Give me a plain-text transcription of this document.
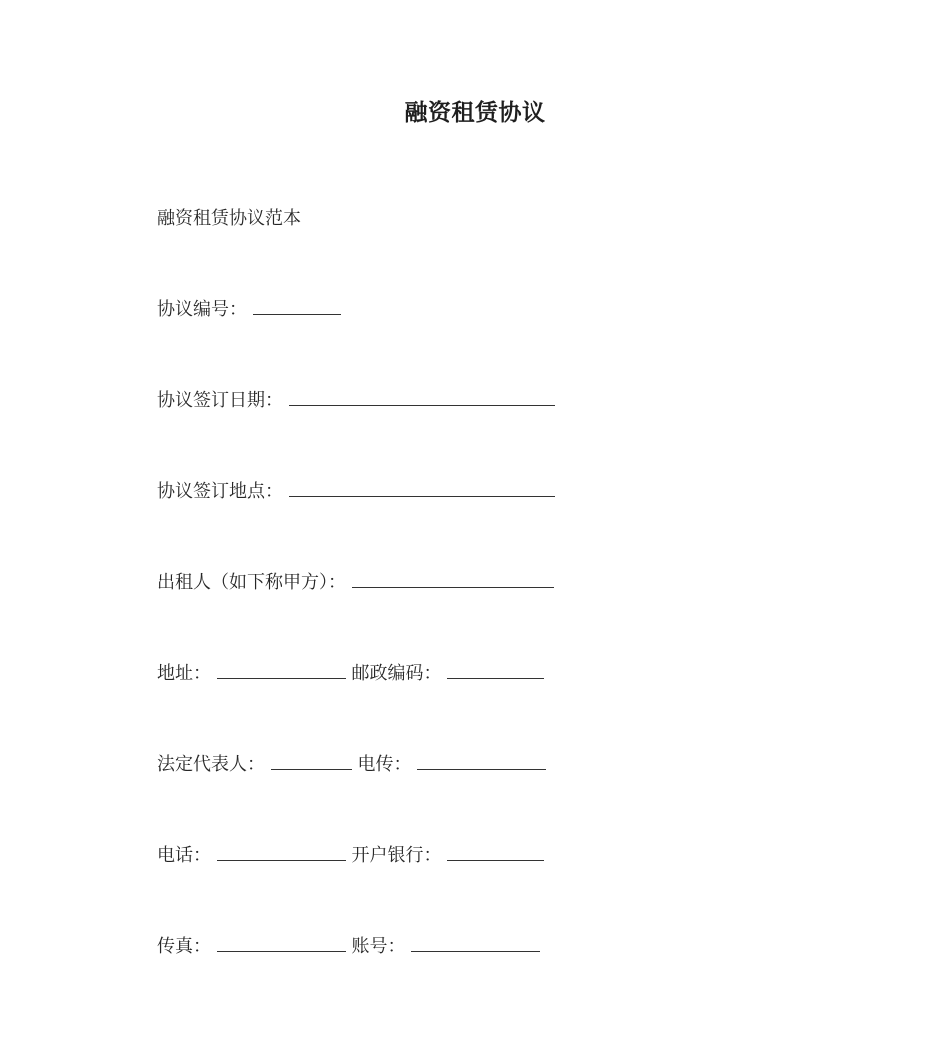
融资租赁协议
融资租赁协议范本
协议编号：
协议签订日期：
协议签订地点：
出租人（如下称甲方）：
地址：	邮政编码：
法定代表人：	电传：
电话：	开户银行：
传真：	账号：
